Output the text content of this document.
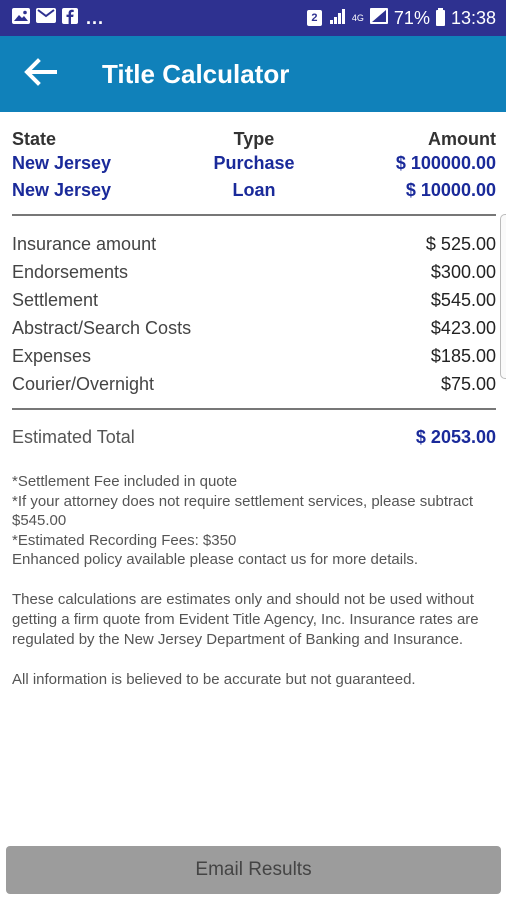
...	2	4G 71% 13:38
Title Calculator
State	Type	Amount
New Jersey	Purchase	$ 100000.00
New Jersey	Loan	$ 10000.00
Insurance amount	$ 525.00
Endorsements	$300.00
Settlement	$545.00
Abstract/Search Costs	$423.00
Expenses	$185.00
Courier/Overnight	$75.00
Estimated Total	$ 2053.00

*Settlement Fee included in quote

*If your attorney does not require settlement services, please subtract $545.00

*Estimated Recording Fees: $350

Enhanced policy available please contact us for more details.

These calculations are estimates only and should not be used without getting a firm quote from Evident Title Agency, Inc. Insurance rates are regulated by the New Jersey Department of Banking and Insurance.

All information is believed to be accurate but not guaranteed.

Email Results
